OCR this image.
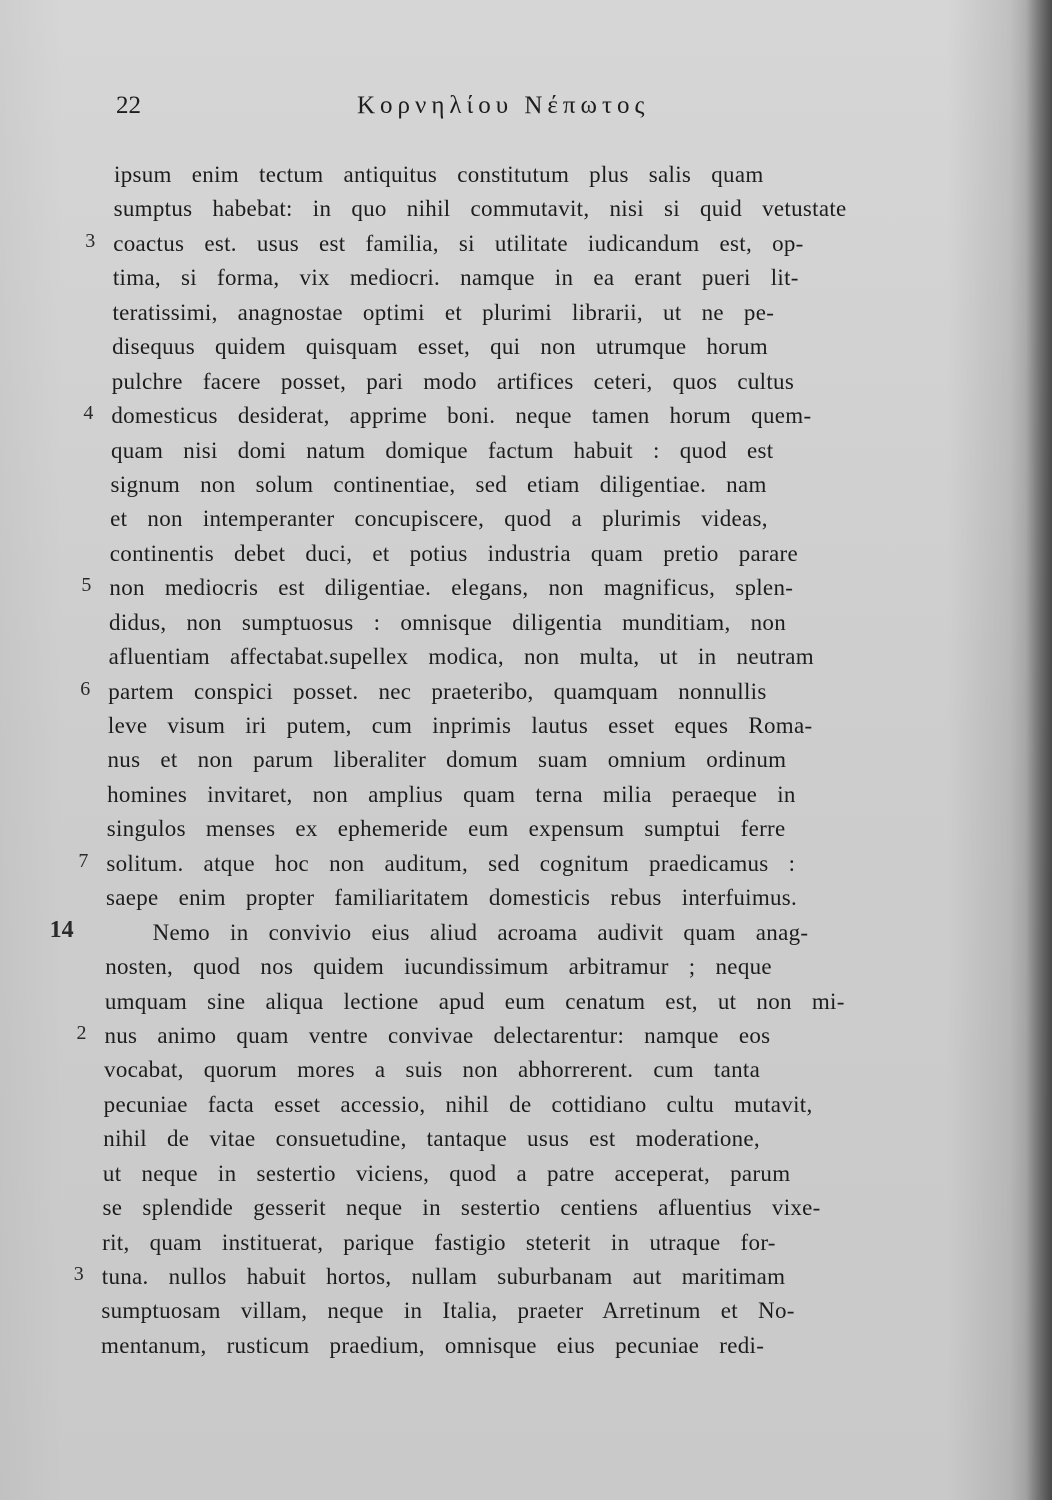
22	Κορνηλίου Νέπωτος
ipsum enim tectum antiquitus constitutum plus salis quam
sumptus habebat: in quo nihil commutavit, nisi si quid vetustate
3 coactus est. usus est familia, si utilitate iudicandum est, op-
tima, si forma, vix mediocri. namque in ea erant pueri lit-
teratissimi, anagnostae optimi et plurimi librarii, ut ne pe-
disequus quidem quisquam esset, qui non utrumque horum
pulchre facere posset, pari modo artifices ceteri, quos cultus
4 domesticus desiderat, apprime boni. neque tamen horum quem-
quam nisi domi natum domique factum habuit : quod est
signum non solum continentiae, sed etiam diligentiae. nam
et non intemperanter concupiscere, quod a plurimis videas,
continentis debet duci, et potius industria quam pretio parare
5 non mediocris est diligentiae. elegans, non magnificus, splen-
didus, non sumptuosus : omnisque diligentia munditiam, non
afluentiam affectabat.supellex modica, non multa, ut in neutram
6 partem conspici posset. nec praeteribo, quamquam nonnullis
leve visum iri putem, cum inprimis lautus esset eques Roma-
nus et non parum liberaliter domum suam omnium ordinum
homines invitaret, non amplius quam terna milia peraeque in
singulos menses ex ephemeride eum expensum sumptui ferre
7 solitum. atque hoc non auditum, sed cognitum praedicamus :
saepe enim propter familiaritatem domesticis rebus interfuimus.
14	Nemo in convivio eius aliud acroama audivit quam anag-
nosten, quod nos quidem iucundissimum arbitramur ; neque
umquam sine aliqua lectione apud eum cenatum est, ut non mi-
2 nus animo quam ventre convivae delectarentur: namque eos
vocabat, quorum mores a suis non abhorrerent. cum tanta
pecuniae facta esset accessio, nihil de cottidiano cultu mutavit,
nihil de vitae consuetudine, tantaque usus est moderatione,
ut neque in sestertio viciens, quod a patre acceperat, parum
se splendide gesserit neque in sestertio centiens afluentius vixe-
rit, quam instituerat, parique fastigio steterit in utraque for-
3 tuna. nullos habuit hortos, nullam suburbanam aut maritimam
sumptuosam villam, neque in Italia, praeter Arretinum et No-
mentanum, rusticum praedium, omnisque eius pecuniae redi-
